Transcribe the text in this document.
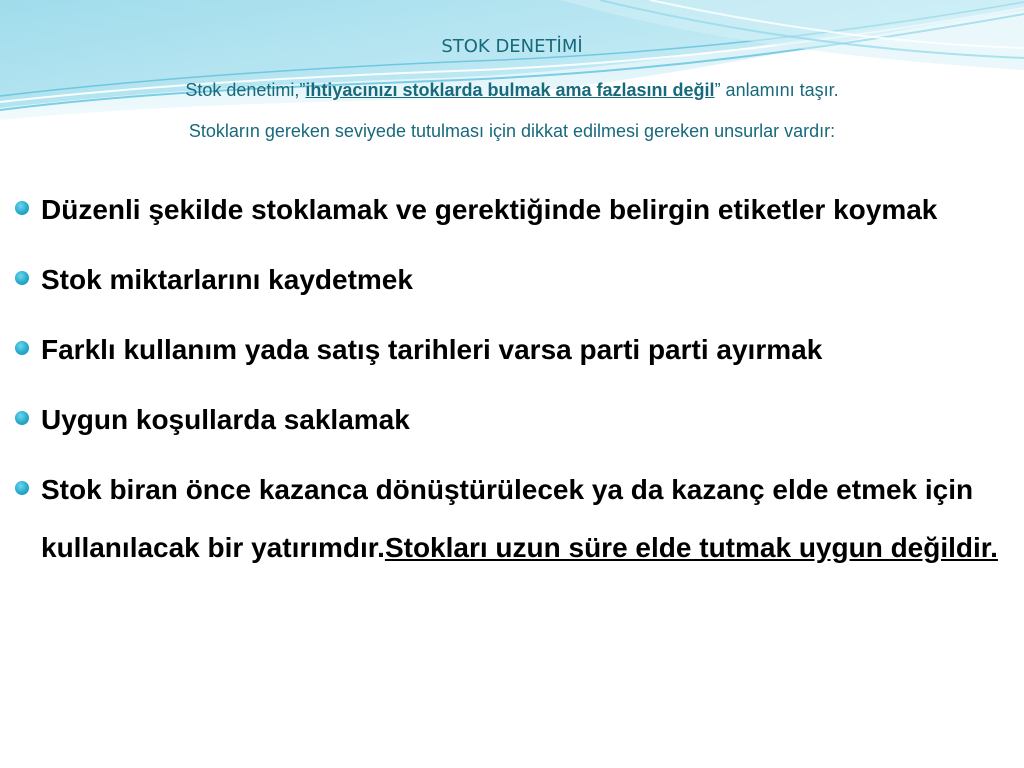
STOK DENETİMİ
Stok denetimi,”ihtiyacınızı stoklarda bulmak ama fazlasını değil” anlamını taşır.
Stokların gereken seviyede tutulması için dikkat edilmesi gereken unsurlar vardır:
Düzenli şekilde stoklamak ve gerektiğinde belirgin etiketler koymak
Stok miktarlarını kaydetmek
Farklı kullanım yada satış tarihleri varsa parti parti ayırmak
Uygun koşullarda saklamak
Stok biran önce kazanca dönüştürülecek ya da kazanç elde etmek için kullanılacak bir yatırımdır.Stokları uzun süre elde tutmak uygun değildir.
